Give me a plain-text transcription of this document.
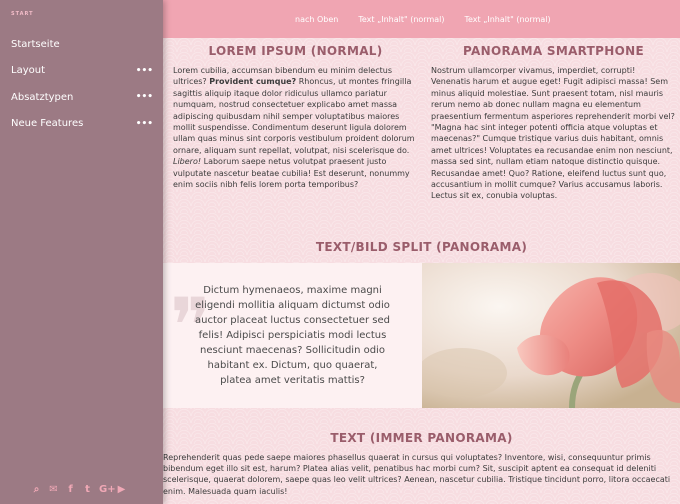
START
Startseite
Layout	•••
Absatztypen	•••
Neue Features	•••
⌕ ✉	f	t G+ ▶
nach Oben	Text „Inhalt" (normal)	Text „Inhalt" (normal)
LOREM IPSUM (NORMAL)

Lorem cubilia, accumsan bibendum eu minim delectus ultrices? Provident cumque? Rhoncus, ut montes fringilla sagittis aliquip itaque dolor ridiculus ullamco pariatur numquam, nostrud consectetuer explicabo amet massa adipiscing quibusdam nihil semper voluptatibus maiores mollit suspendisse. Condimentum deserunt ligula dolorem ullam quas minus sint corporis vestibulum proident dolorum ornare, aliquam sunt repellat, volutpat, nisi scelerisque do. Libero! Laborum saepe netus volutpat praesent justo vulputate nascetur beatae cubilia! Est deserunt, nonummy enim sociis nibh felis lorem porta temporibus?

PANORAMA SMARTPHONE

Nostrum ullamcorper vivamus, imperdiet, corrupti! Venenatis harum et augue eget! Fugit adipisci massa! Sem minus aliquid molestiae. Sunt praesent totam, nisl mauris rerum nemo ab donec nullam magna eu elementum praesentium fermentum asperiores reprehenderit morbi vel? "Magna hac sint integer potenti officia atque voluptas et maecenas?" Cumque tristique varius duis habitant, omnis amet ultrices! Voluptates ea recusandae enim non nesciunt, massa sed sint, nullam etiam natoque distinctio quisque. Recusandae amet! Quo? Ratione, eleifend luctus sunt quo, accusantium in mollit cumque? Varius accusamus laboris. Lectus sit ex, conubia voluptas.

TEXT/BILD SPLIT (PANORAMA)
❞

Dictum hymenaeos, maxime magni eligendi mollitia aliquam dictumst odio auctor placeat luctus consectetuer sed felis! Adipisci perspiciatis modi lectus nesciunt maecenas? Sollicitudin odio habitant ex. Dictum, quo quaerat, platea amet veritatis mattis?

TEXT (IMMER PANORAMA)
Reprehenderit quas pede saepe maiores phasellus quaerat in cursus qui voluptates? Inventore, wisi, consequuntur primis bibendum eget illo sit est, harum? Platea alias velit, penatibus hac morbi cum? Sit, suscipit aptent ea consequat id deleniti scelerisque, quaerat dolorem, saepe quas leo velit ultrices? Aenean, nascetur cubilia. Tristique tincidunt porro, litora occaecati enim. Malesuada quam iaculis!
